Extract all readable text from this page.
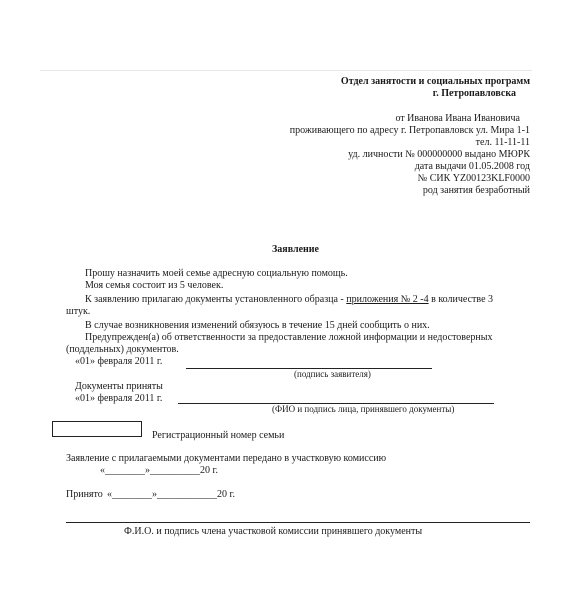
Отдел занятости и социальных программ
г. Петропавловска
от Иванова Ивана Ивановича
проживающего по адресу г. Петропавловск ул. Мира 1-1
тел. 11-11-11
уд. личности № 000000000 выдано МЮРК
дата выдачи 01.05.2008 год
№ СИК YZ00123KLF0000
род занятия безработный
Заявление
Прошу назначить моей семье адресную социальную помощь.
Моя семья состоит из 5 человек.
К заявлению прилагаю документы установленного образца - приложения № 2 -4 в количестве 3
штук.
В случае возникновения изменений обязуюсь в течение 15 дней сообщить о них.
Предупрежден(а) об ответственности за предоставление ложной информации и недостоверных
(поддельных) документов.
«01» февраля 2011 г.
(подпись заявителя)
Документы приняты
«01» февраля 2011 г.
(ФИО и подпись лица, принявшего документы)
Регистрационный номер семьи
Заявление с прилагаемыми документами передано в участковую комиссию
«________»__________20 г.
Принято «________»____________20 г.
Ф.И.О. и подпись члена участковой комиссии принявшего документы
